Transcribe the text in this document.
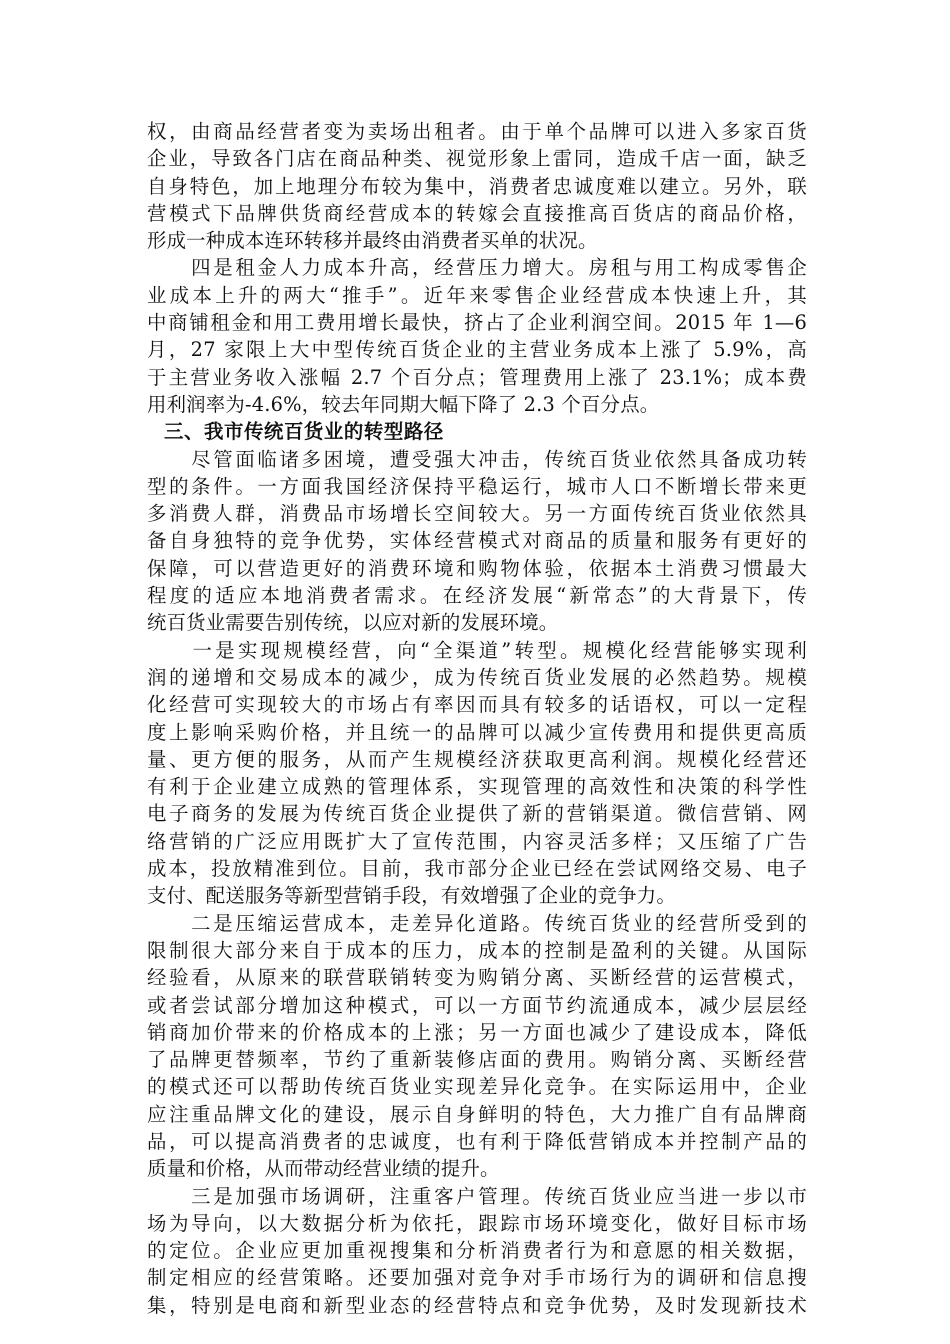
权，由商品经营者变为卖场出租者。由于单个品牌可以进入多家百货
企业，导致各门店在商品种类、视觉形象上雷同，造成千店一面，缺乏
自身特色，加上地理分布较为集中，消费者忠诚度难以建立。另外，联
营模式下品牌供货商经营成本的转嫁会直接推高百货店的商品价格，
形成一种成本连环转移并最终由消费者买单的状况。
　　四是租金人力成本升高，经营压力增大。房租与用工构成零售企
业成本上升的两大“推手”。近年来零售企业经营成本快速上升，其
中商铺租金和用工费用增长最快，挤占了企业利润空间。2015 年 1—6
月，27 家限上大中型传统百货企业的主营业务成本上涨了 5.9%，高
于主营业务收入涨幅 2.7 个百分点；管理费用上涨了 23.1%；成本费
用利润率为-4.6%，较去年同期大幅下降了 2.3 个百分点。
三、我市传统百货业的转型路径
　　尽管面临诸多困境，遭受强大冲击，传统百货业依然具备成功转
型的条件。一方面我国经济保持平稳运行，城市人口不断增长带来更
多消费人群，消费品市场增长空间较大。另一方面传统百货业依然具
备自身独特的竞争优势，实体经营模式对商品的质量和服务有更好的
保障，可以营造更好的消费环境和购物体验，依据本土消费习惯最大
程度的适应本地消费者需求。在经济发展“新常态”的大背景下，传
统百货业需要告别传统，以应对新的发展环境。
　　一是实现规模经营，向“全渠道”转型。规模化经营能够实现利
润的递增和交易成本的减少，成为传统百货业发展的必然趋势。规模
化经营可实现较大的市场占有率因而具有较多的话语权，可以一定程
度上影响采购价格，并且统一的品牌可以减少宣传费用和提供更高质
量、更方便的服务，从而产生规模经济获取更高利润。规模化经营还
有利于企业建立成熟的管理体系，实现管理的高效性和决策的科学性
电子商务的发展为传统百货企业提供了新的营销渠道。微信营销、网
络营销的广泛应用既扩大了宣传范围，内容灵活多样；又压缩了广告
成本，投放精准到位。目前，我市部分企业已经在尝试网络交易、电子
支付、配送服务等新型营销手段，有效增强了企业的竞争力。
　　二是压缩运营成本，走差异化道路。传统百货业的经营所受到的
限制很大部分来自于成本的压力，成本的控制是盈利的关键。从国际
经验看，从原来的联营联销转变为购销分离、买断经营的运营模式，
或者尝试部分增加这种模式，可以一方面节约流通成本，减少层层经
销商加价带来的价格成本的上涨；另一方面也减少了建设成本，降低
了品牌更替频率，节约了重新装修店面的费用。购销分离、买断经营
的模式还可以帮助传统百货业实现差异化竞争。在实际运用中，企业
应注重品牌文化的建设，展示自身鲜明的特色，大力推广自有品牌商
品，可以提高消费者的忠诚度，也有利于降低营销成本并控制产品的
质量和价格，从而带动经营业绩的提升。
　　三是加强市场调研，注重客户管理。传统百货业应当进一步以市
场为导向，以大数据分析为依托，跟踪市场环境变化，做好目标市场
的定位。企业应更加重视搜集和分析消费者行为和意愿的相关数据，
制定相应的经营策略。还要加强对竞争对手市场行为的调研和信息搜
集，特别是电商和新型业态的经营特点和竞争优势，及时发现新技术
